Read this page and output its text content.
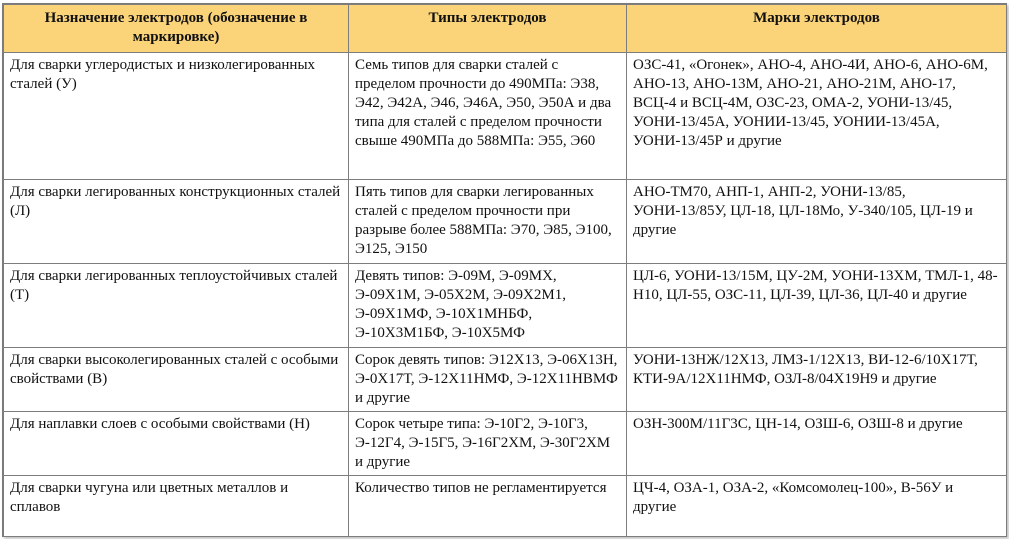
Назначение электродов (обозначение в маркировке)	Типы электродов	Марки электродов
Для сварки углеродистых и низколегированных сталей (У)	Семь типов для сварки сталей с пределом прочности до 490МПа: Э38, Э42, Э42А, Э46, Э46А, Э50, Э50А и два типа для сталей с пределом прочности свыше 490МПа до 588МПа: Э55, Э60	ОЗС-41, «Огонек», АНО-4, АНО-4И, АНО-6, АНО-6М, АНО-13, АНО-13М, АНО-21, АНО-21М, АНО-17, ВСЦ-4 и ВСЦ-4М, ОЗС-23, ОМА-2, УОНИ-13/45, УОНИ-13/45А, УОНИИ-13/45, УОНИИ-13/45А, УОНИ-13/45Р и другие
Для сварки легированных конструкционных сталей (Л)	Пять типов для сварки легированных сталей с пределом прочности при разрыве более 588МПа: Э70, Э85, Э100, Э125, Э150	АНО-ТМ70, АНП-1, АНП-2, УОНИ-13/85, УОНИ-13/85У, ЦЛ-18, ЦЛ-18Мо, У-340/105, ЦЛ-19 и другие
Для сварки легированных теплоустойчивых сталей (Т)	Девять типов: Э-09М, Э-09МХ, Э-09Х1М, Э-05Х2М, Э-09Х2М1, Э-09Х1МФ, Э-10Х1МНБФ, Э-10Х3М1БФ, Э-10Х5МФ	ЦЛ-6, УОНИ-13/15М, ЦУ-2М, УОНИ-13ХМ, ТМЛ-1, 48-Н10, ЦЛ-55, ОЗС-11, ЦЛ-39, ЦЛ-36, ЦЛ-40 и другие
Для сварки высоколегированных сталей с особыми свойствами (В)	Сорок девять типов: Э12Х13, Э-06Х13Н, Э-0Х17Т, Э-12Х11НМФ, Э-12Х11НВМФ и другие	УОНИ-13НЖ/12Х13, ЛМЗ-1/12Х13, ВИ-12-6/10Х17Т, КТИ-9А/12Х11НМФ, ОЗЛ-8/04Х19Н9 и другие
Для наплавки слоев с особыми свойствами (Н)	Сорок четыре типа: Э-10Г2, Э-10Г3, Э-12Г4, Э-15Г5, Э-16Г2ХМ, Э-30Г2ХМ и другие	ОЗН-300М/11Г3С, ЦН-14, ОЗШ-6, ОЗШ-8 и другие
Для сварки чугуна или цветных металлов и сплавов	Количество типов не регламентируется	ЦЧ-4, ОЗА-1, ОЗА-2, «Комсомолец-100», В-56У и другие
